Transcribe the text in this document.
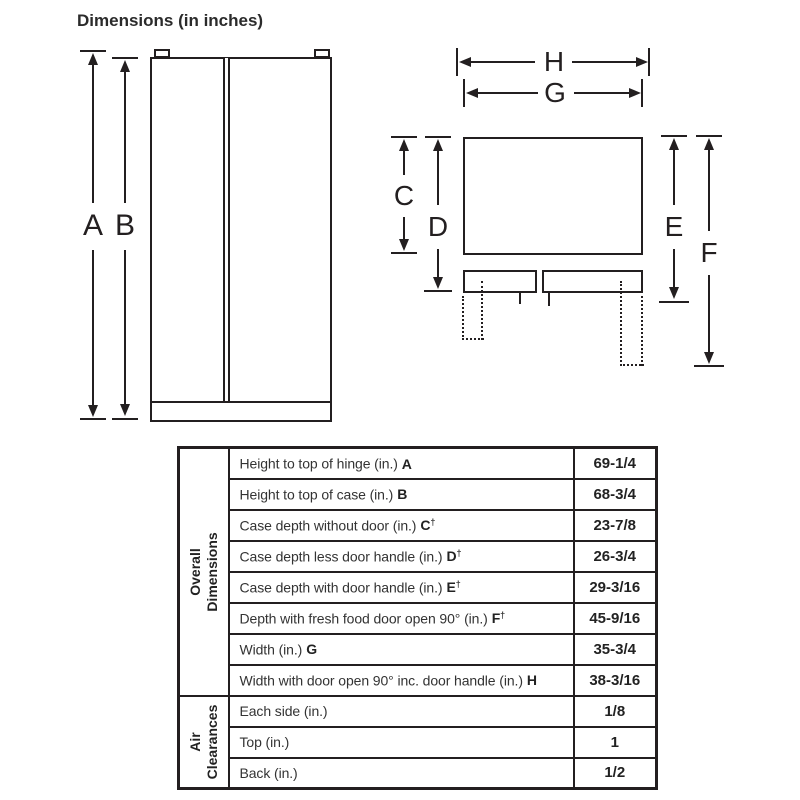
Dimensions (in inches)
A B
H
G
C
D	E
F
Overall Dimensions	Height to top of hinge (in.) A	69-1/4
	Height to top of case (in.) B	68-3/4
	Case depth without door (in.) C†	23-7/8
	Case depth less door handle (in.) D†	26-3/4
	Case depth with door handle (in.) E†	29-3/16
	Depth with fresh food door open 90° (in.) F†	45-9/16
	Width (in.) G	35-3/4
	Width with door open 90° inc. door handle (in.) H	38-3/16

Air Clearances	Each side (in.)	1/8
	Top (in.)	1
	Back (in.)	1/2
